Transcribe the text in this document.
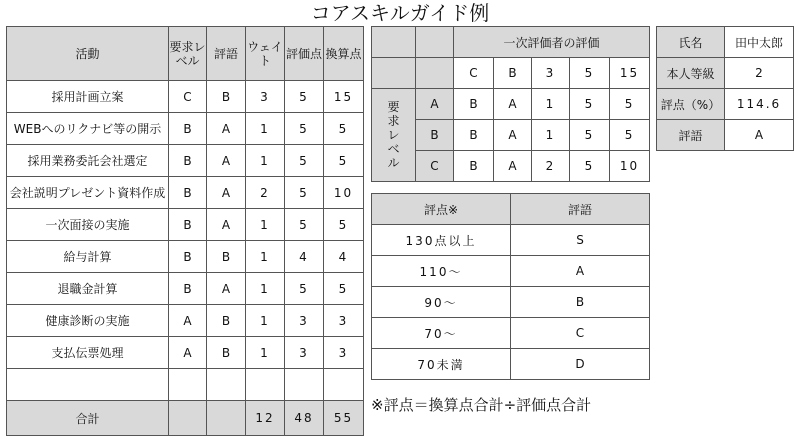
コアスキルガイド例
活動	要求レベル	評語	ウェイト	評価点	換算点
採用計画立案	C	B	3	5	15
WEBへのリクナビ等の開示	B	A	1	5	5
採用業務委託会社選定	B	A	1	5	5
会社説明プレゼント資料作成	B	A	2	5	10
一次面接の実施	B	A	1	5	5
給与計算	B	B	1	4	4
退職金計算	B	A	1	5	5
健康診断の実施	A	B	1	3	3
支払伝票処理	A	B	1	3	3

合計			12	48	55
		一次評価者の評価				
		C	B	3	5	15
要求レベル	A	B	A	1	5	5
	B	B	A	1	5	5
	C	B	A	2	5	10
氏名	田中太郎
本人等級	2
評点（%）	114.6
評語	A
評点※	評語
130点以上	S
110～	A
90～	B
70～	C
70未満	D
※評点＝換算点合計÷評価点合計
